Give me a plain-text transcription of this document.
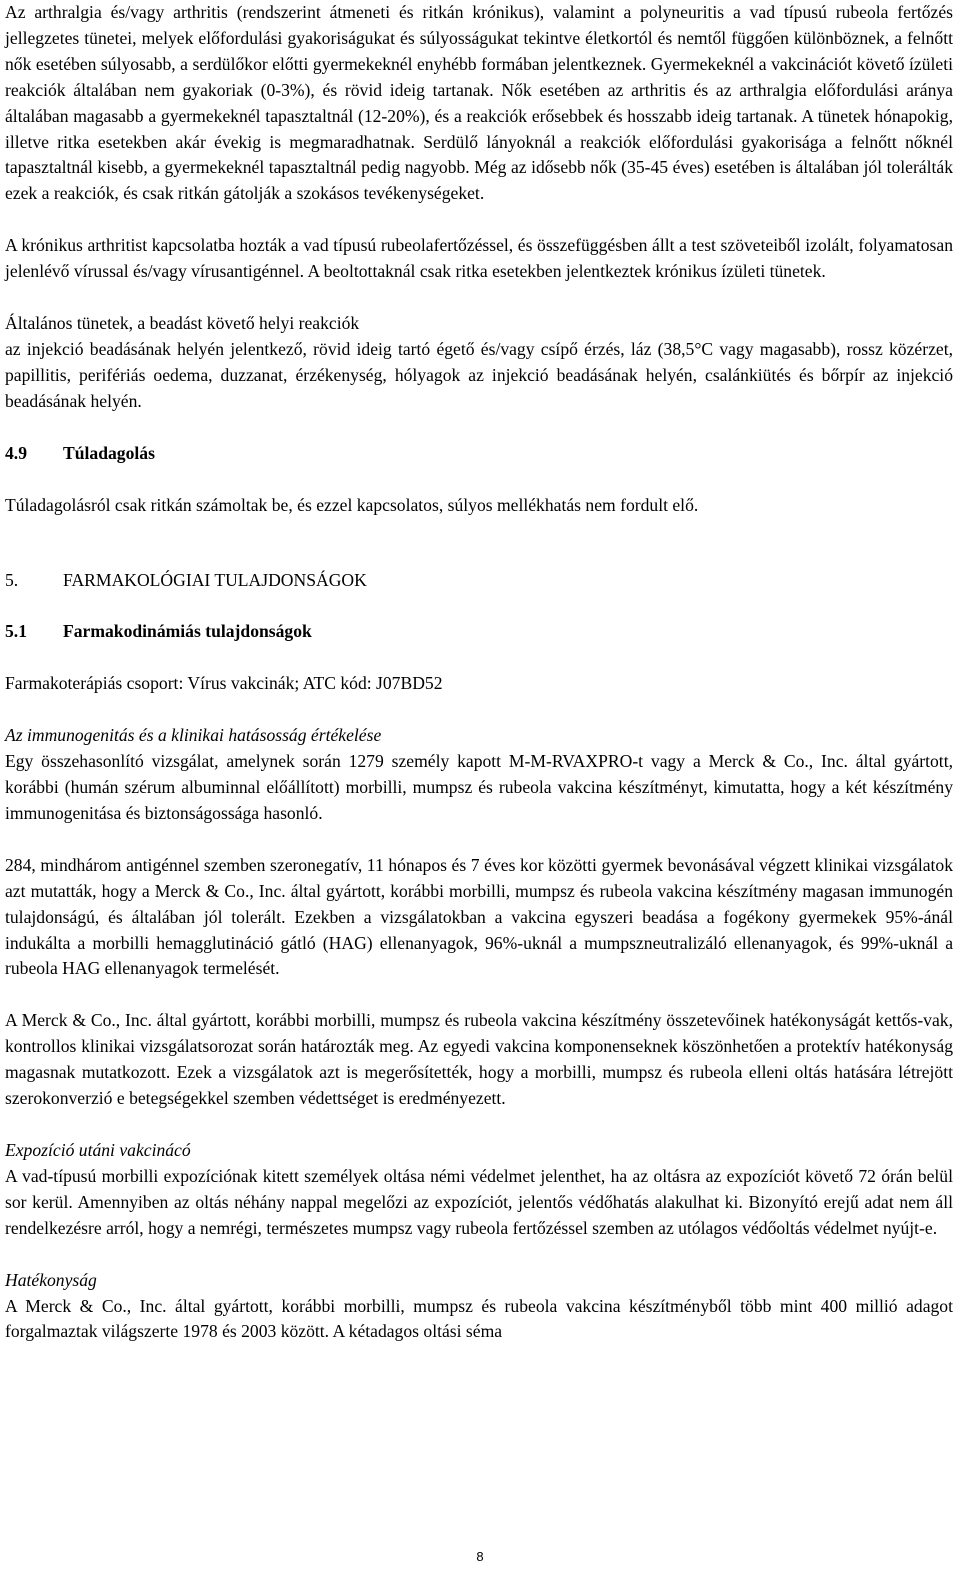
Az arthralgia és/vagy arthritis (rendszerint átmeneti és ritkán krónikus), valamint a polyneuritis a vad típusú rubeola fertőzés jellegzetes tünetei, melyek előfordulási gyakoriságukat és súlyosságukat tekintve életkortól és nemtől függően különböznek, a felnőtt nők esetében súlyosabb, a serdülőkor előtti gyermekeknél enyhébb formában jelentkeznek. Gyermekeknél a vakcinációt követő ízületi reakciók általában nem gyakoriak (0-3%), és rövid ideig tartanak. Nők esetében az arthritis és az arthralgia előfordulási aránya általában magasabb a gyermekeknél tapasztaltnál (12-20%), és a reakciók erősebbek és hosszabb ideig tartanak. A tünetek hónapokig, illetve ritka esetekben akár évekig is megmaradhatnak. Serdülő lányoknál a reakciók előfordulási gyakorisága a felnőtt nőknél tapasztaltnál kisebb, a gyermekeknél tapasztaltnál pedig nagyobb. Még az idősebb nők (35-45 éves) esetében is általában jól tolerálták ezek a reakciók, és csak ritkán gátolják a szokásos tevékenységeket.

A krónikus arthritist kapcsolatba hozták a vad típusú rubeolafertőzéssel, és összefüggésben állt a test szöveteiből izolált, folyamatosan jelenlévő vírussal és/vagy vírusantigénnel. A beoltottaknál csak ritka esetekben jelentkeztek krónikus ízületi tünetek.

Általános tünetek, a beadást követő helyi reakciók

az injekció beadásának helyén jelentkező, rövid ideig tartó égető és/vagy csípő érzés, láz (38,5°C vagy magasabb), rossz közérzet, papillitis, perifériás oedema, duzzanat, érzékenység, hólyagok az injekció beadásának helyén, csalánkiütés és bőrpír az injekció beadásának helyén.

4.9	Túladagolás

Túladagolásról csak ritkán számoltak be, és ezzel kapcsolatos, súlyos mellékhatás nem fordult elő.

5.	FARMAKOLÓGIAI TULAJDONSÁGOK
5.1	Farmakodinámiás tulajdonságok

Farmakoterápiás csoport: Vírus vakcinák; ATC kód: J07BD52

Az immunogenitás és a klinikai hatásosság értékelése

Egy összehasonlító vizsgálat, amelynek során 1279 személy kapott M-M-RVAXPRO-t vagy a Merck & Co., Inc. által gyártott, korábbi (humán szérum albuminnal előállított) morbilli, mumpsz és rubeola vakcina készítményt, kimutatta, hogy a két készítmény immunogenitása és biztonságossága hasonló.

284, mindhárom antigénnel szemben szeronegatív, 11 hónapos és 7 éves kor közötti gyermek bevonásával végzett klinikai vizsgálatok azt mutatták, hogy a Merck & Co., Inc. által gyártott, korábbi morbilli, mumpsz és rubeola vakcina készítmény magasan immunogén tulajdonságú, és általában jól tolerált. Ezekben a vizsgálatokban a vakcina egyszeri beadása a fogékony gyermekek 95%-ánál indukálta a morbilli hemagglutináció gátló (HAG) ellenanyagok, 96%-uknál a mumpszneutralizáló ellenanyagok, és 99%-uknál a rubeola HAG ellenanyagok termelését.

A Merck & Co., Inc. által gyártott, korábbi morbilli, mumpsz és rubeola vakcina készítmény összetevőinek hatékonyságát kettős-vak, kontrollos klinikai vizsgálatsorozat során határozták meg. Az egyedi vakcina komponenseknek köszönhetően a protektív hatékonyság magasnak mutatkozott. Ezek a vizsgálatok azt is megerősítették, hogy a morbilli, mumpsz és rubeola elleni oltás hatására létrejött szerokonverzió e betegségekkel szemben védettséget is eredményezett.

Expozíció utáni vakcinácó

A vad-típusú morbilli expozíciónak kitett személyek oltása némi védelmet jelenthet, ha az oltásra az expozíciót követő 72 órán belül sor kerül. Amennyiben az oltás néhány nappal megelőzi az expozíciót, jelentős védőhatás alakulhat ki. Bizonyító erejű adat nem áll rendelkezésre arról, hogy a nemrégi, természetes mumpsz vagy rubeola fertőzéssel szemben az utólagos védőoltás védelmet nyújt-e.

Hatékonyság

A Merck & Co., Inc. által gyártott, korábbi morbilli, mumpsz és rubeola vakcina készítményből több mint 400 millió adagot forgalmaztak világszerte 1978 és 2003 között. A kétadagos oltási séma

8
